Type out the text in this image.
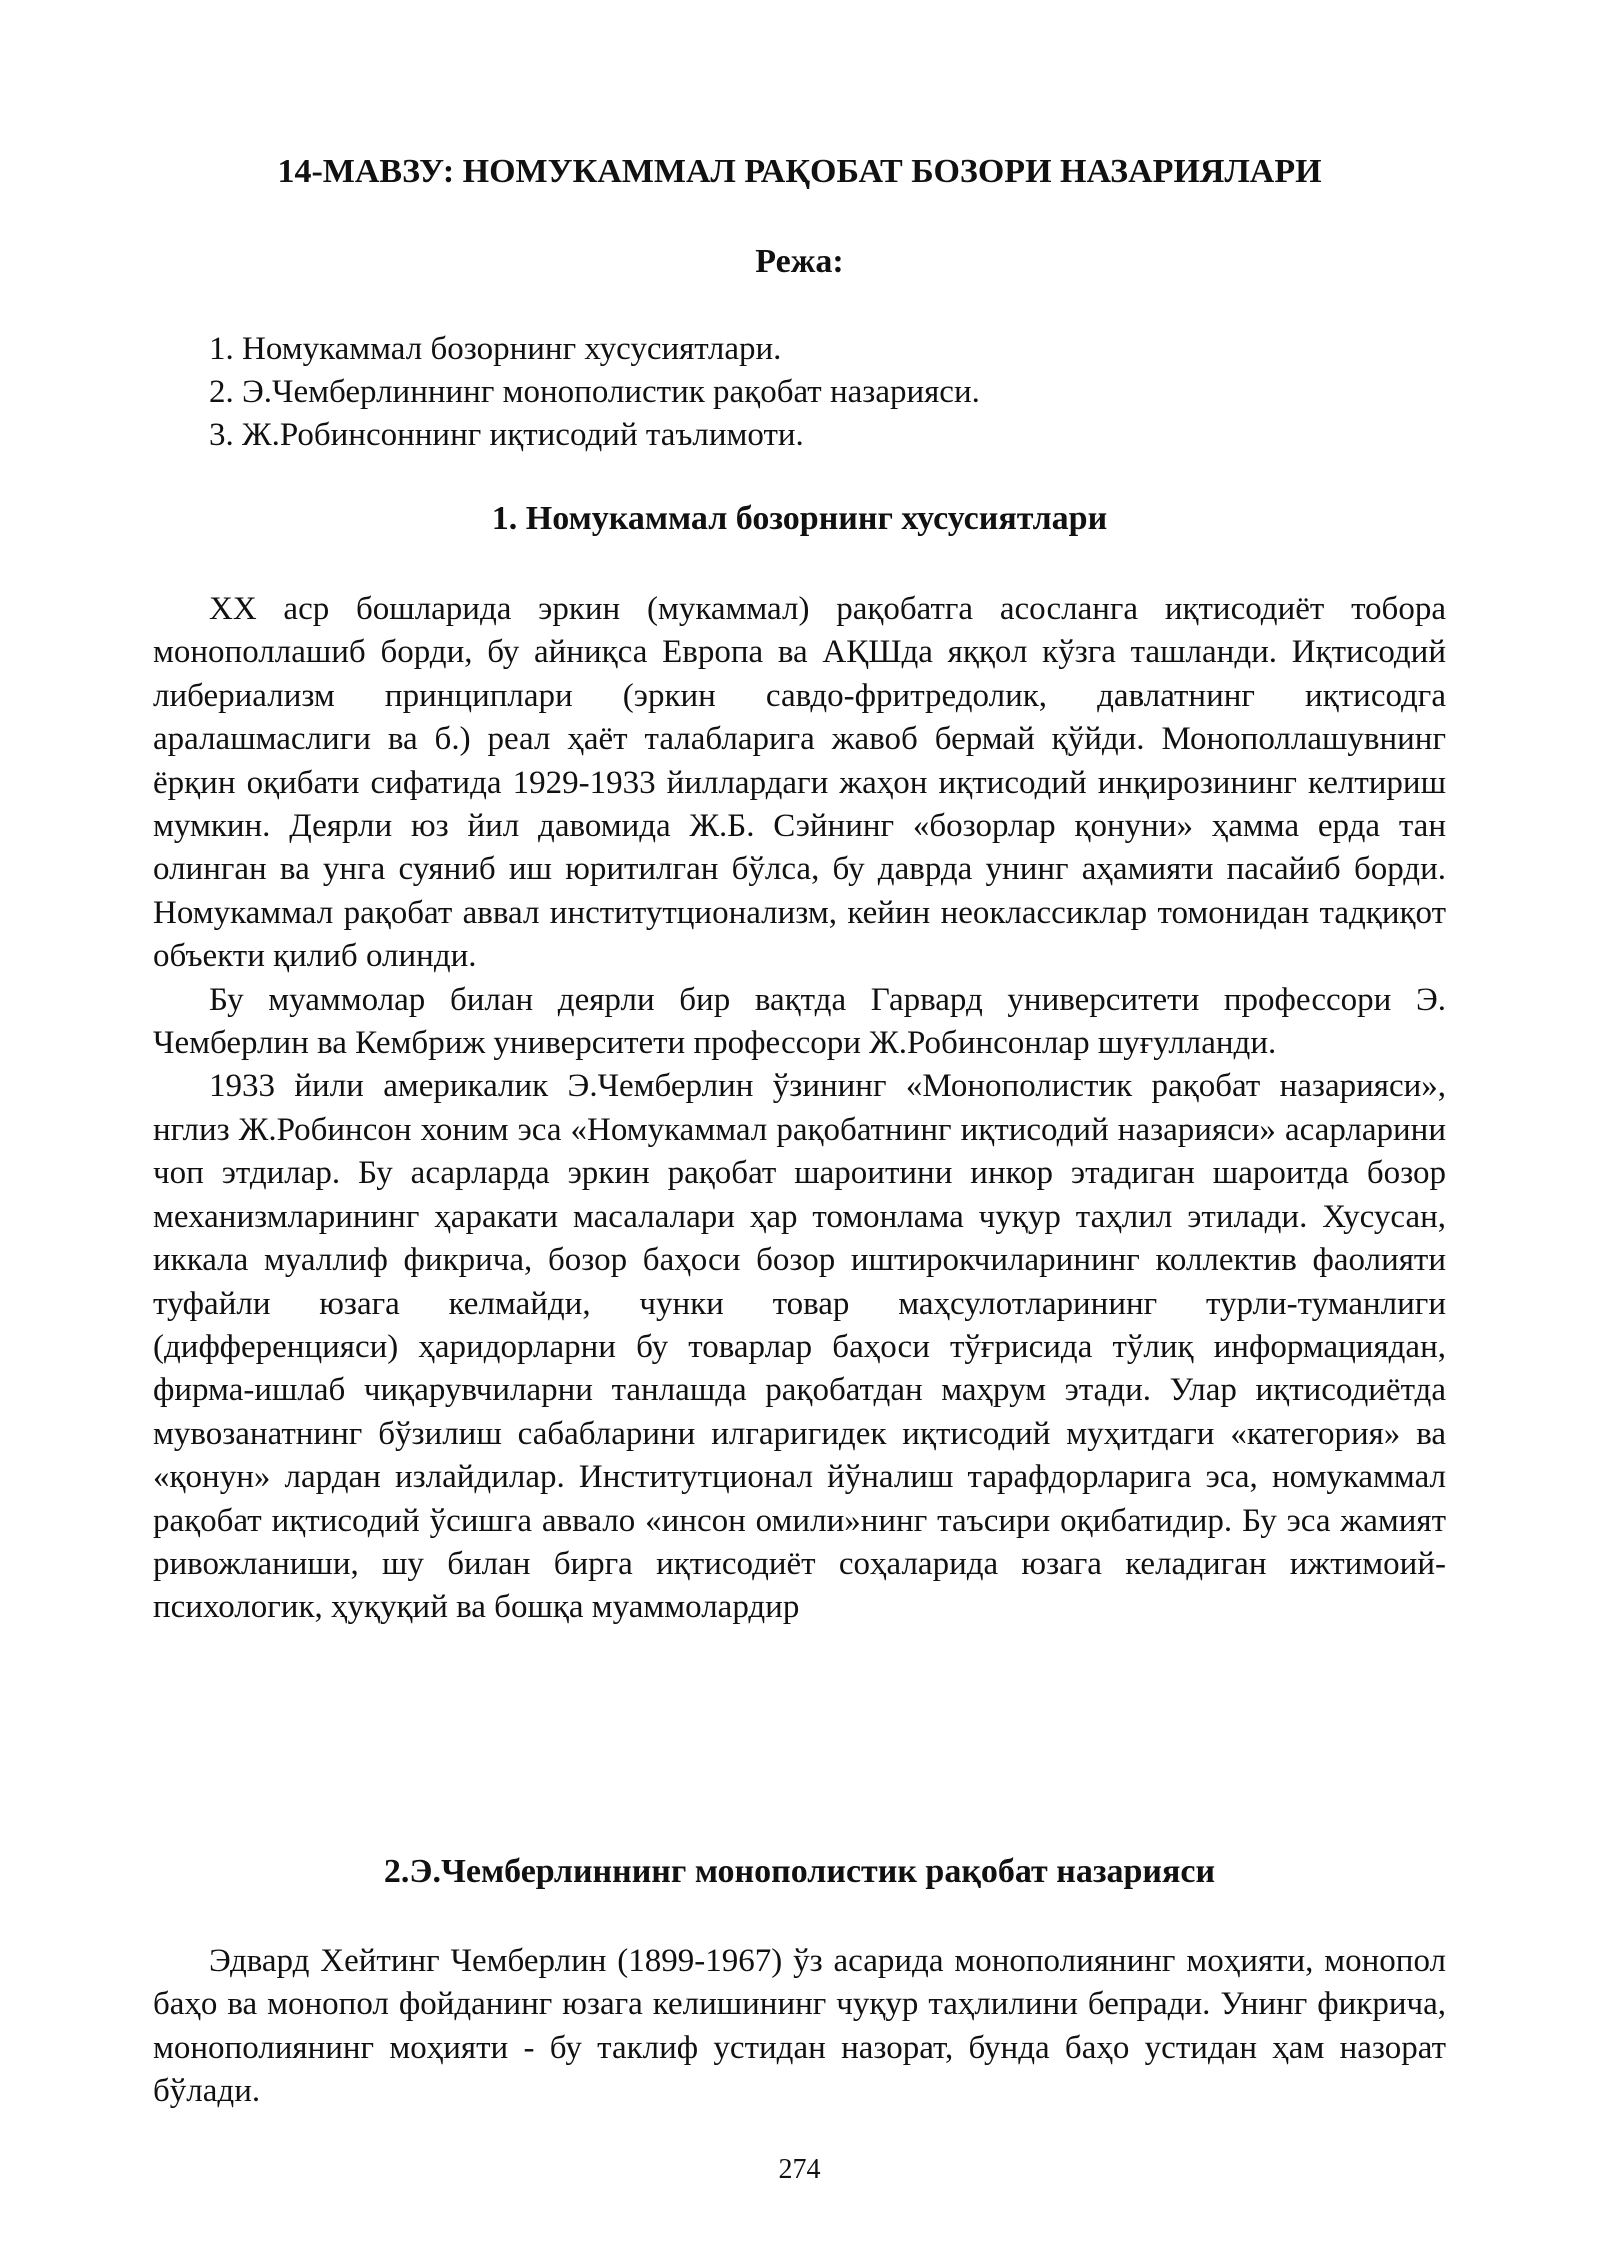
14-МАВЗУ: НОМУКАММАЛ РАҚОБАТ БОЗОРИ НАЗАРИЯЛАРИ
Режа:
1. Номукаммал бозорнинг хусусиятлари.
2. Э.Чемберлиннинг монополистик рақобат назарияси.
3. Ж.Робинсоннинг иқтисодий таълимоти.
1. Номукаммал бозорнинг хусусиятлари

XX аср бошларида эркин (мукаммал) рақобатга асосланга иқтисодиёт тобора монополлашиб борди, бу айниқса Европа ва АҚШда яққол кўзга ташланди. Иқтисодий либериализм принциплари (эркин савдо-фритредолик, давлатнинг иқтисодга аралашмаслиги ва б.) реал ҳаёт талабларига жавоб бермай қўйди. Монополлашувнинг ёрқин оқибати сифатида 1929-1933 йиллардаги жаҳон иқтисодий инқирозининг келтириш мумкин. Деярли юз йил давомида Ж.Б. Сэйнинг «бозорлар қонуни» ҳамма ерда тан олинган ва унга суяниб иш юритилган бўлса, бу даврда унинг аҳамияти пасайиб борди. Номукаммал рақобат аввал институтционализм, кейин неоклассиклар томонидан тадқиқот объекти қилиб олинди.

Бу муаммолар билан деярли бир вақтда Гарвард университети профессори Э. Чемберлин ва Кембриж университети профессори Ж.Робинсонлар шуғулланди.

1933 йили америкалик Э.Чемберлин ўзининг «Монополистик рақобат назарияси», нглиз Ж.Робинсон хоним эса «Номукаммал рақобатнинг иқтисодий назарияси» асарларини чоп этдилар. Бу асарларда эркин рақобат шароитини инкор этадиган шароитда бозор механизмларининг ҳаракати масалалари ҳар томонлама чуқур таҳлил этилади. Хусусан, иккала муаллиф фикрича, бозор баҳоси бозор иштирокчиларининг коллектив фаолияти туфайли юзага келмайди, чунки товар маҳсулотларининг турли-туманлиги (дифференцияси) ҳаридорларни бу товарлар баҳоси тўғрисида тўлиқ информациядан, фирма-ишлаб чиқарувчиларни танлашда рақобатдан маҳрум этади. Улар иқтисодиётда мувозанатнинг бўзилиш сабабларини илгаригидек иқтисодий муҳитдаги «категория» ва «қонун» лардан излайдилар. Институтционал йўналиш тарафдорларига эса, номукаммал рақобат иқтисодий ўсишга аввало «инсон омили»нинг таъсири оқибатидир. Бу эса жамият ривожланиши, шу билан бирга иқтисодиёт соҳаларида юзага келадиган ижтимоий-психологик, ҳуқуқий ва бошқа муаммолардир

2.Э.Чемберлиннинг монополистик рақобат назарияси

Эдвард Хейтинг Чемберлин (1899-1967) ўз асарида монополиянинг моҳияти, монопол баҳо ва монопол фойданинг юзага келишининг чуқур таҳлилини бепради. Унинг фикрича, монополиянинг моҳияти - бу таклиф устидан назорат, бунда баҳо устидан ҳам назорат бўлади.

274
